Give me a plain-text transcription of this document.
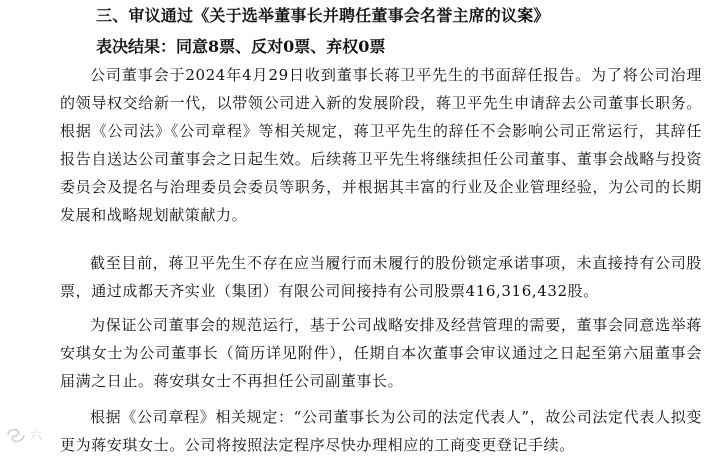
三、审议通过《关于选举董事长并聘任董事会名誉主席的议案》
表决结果：同意8票、反对0票、弃权0票

公司董事会于2024年4月29日收到董事长蒋卫平先生的书面辞任报告。为了将公司治理的领导权交给新一代，以带领公司进入新的发展阶段，蒋卫平先生申请辞去公司董事长职务。根据《公司法》《公司章程》等相关规定，蒋卫平先生的辞任不会影响公司正常运行，其辞任报告自送达公司董事会之日起生效。后续蒋卫平先生将继续担任公司董事、董事会战略与投资委员会及提名与治理委员会委员等职务，并根据其丰富的行业及企业管理经验，为公司的长期发展和战略规划献策献力。

截至目前，蒋卫平先生不存在应当履行而未履行的股份锁定承诺事项，未直接持有公司股票，通过成都天齐实业（集团）有限公司间接持有公司股票416,316,432股。

为保证公司董事会的规范运行，基于公司战略安排及经营管理的需要，董事会同意选举蒋安琪女士为公司董事长（简历详见附件），任期自本次董事会审议通过之日起至第六届董事会届满之日止。蒋安琪女士不再担任公司副董事长。

根据《公司章程》相关规定：“公司董事长为公司的法定代表人”，故公司法定代表人拟变更为蒋安琪女士。公司将按照法定程序尽快办理相应的工商变更登记手续。

六
